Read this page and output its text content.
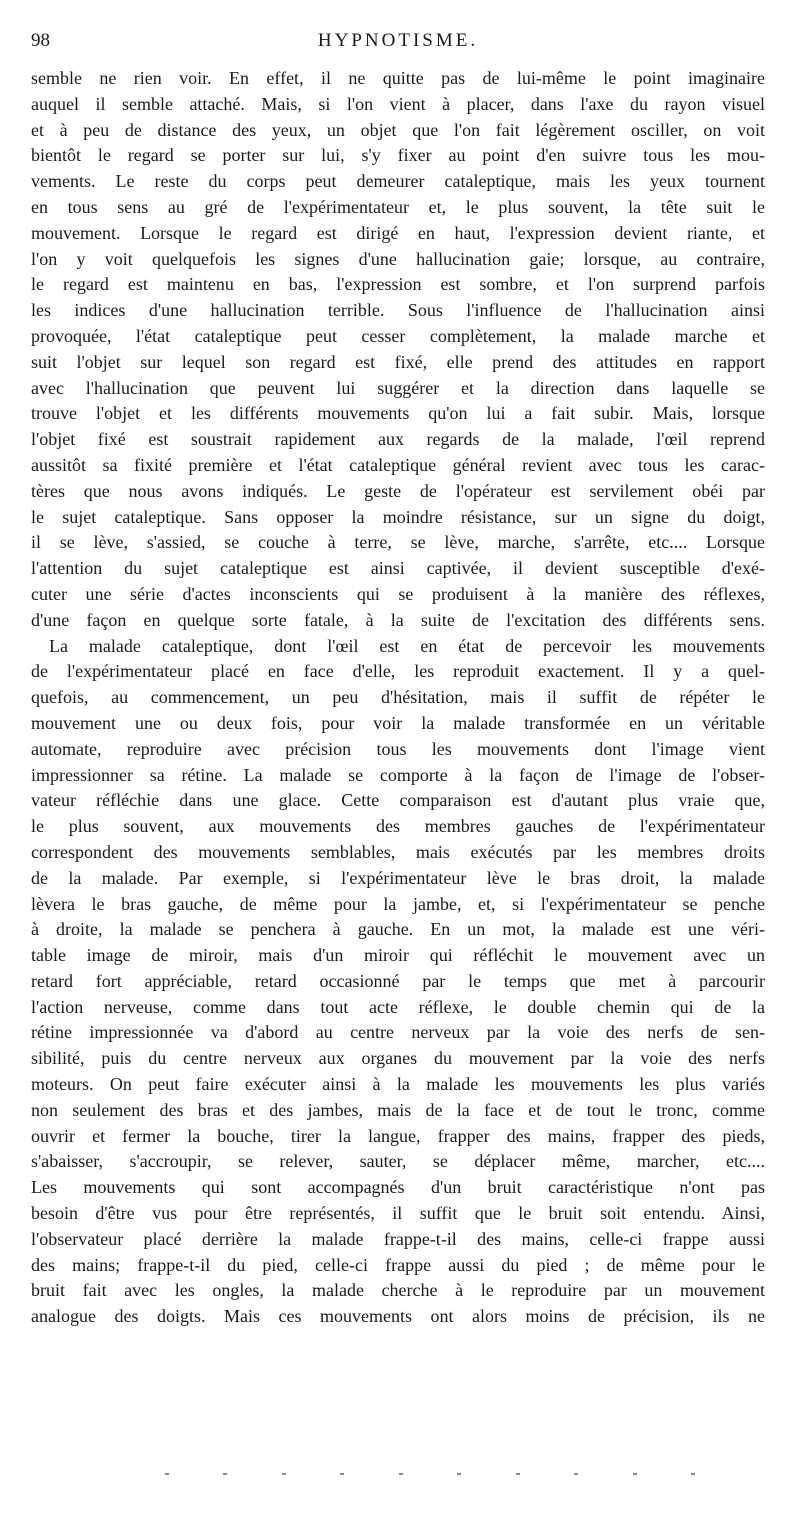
98	HYPNOTISME.
semble ne rien voir. En effet, il ne quitte pas de lui-même le point imaginaire
auquel il semble attaché. Mais, si l'on vient à placer, dans l'axe du rayon visuel
et à peu de distance des yeux, un objet que l'on fait légèrement osciller, on voit
bientôt le regard se porter sur lui, s'y fixer au point d'en suivre tous les mou-
vements. Le reste du corps peut demeurer cataleptique, mais les yeux tournent
en tous sens au gré de l'expérimentateur et, le plus souvent, la tête suit le
mouvement. Lorsque le regard est dirigé en haut, l'expression devient riante, et
l'on y voit quelquefois les signes d'une hallucination gaie; lorsque, au contraire,
le regard est maintenu en bas, l'expression est sombre, et l'on surprend parfois
les indices d'une hallucination terrible. Sous l'influence de l'hallucination ainsi
provoquée, l'état cataleptique peut cesser complètement, la malade marche et
suit l'objet sur lequel son regard est fixé, elle prend des attitudes en rapport
avec l'hallucination que peuvent lui suggérer et la direction dans laquelle se
trouve l'objet et les différents mouvements qu'on lui a fait subir. Mais, lorsque
l'objet fixé est soustrait rapidement aux regards de la malade, l'œil reprend
aussitôt sa fixité première et l'état cataleptique général revient avec tous les carac-
tères que nous avons indiqués. Le geste de l'opérateur est servilement obéi par
le sujet cataleptique. Sans opposer la moindre résistance, sur un signe du doigt,
il se lève, s'assied, se couche à terre, se lève, marche, s'arrête, etc.... Lorsque
l'attention du sujet cataleptique est ainsi captivée, il devient susceptible d'exé-
cuter une série d'actes inconscients qui se produisent à la manière des réflexes,
d'une façon en quelque sorte fatale, à la suite de l'excitation des différents sens.
La malade cataleptique, dont l'œil est en état de percevoir les mouvements
de l'expérimentateur placé en face d'elle, les reproduit exactement. Il y a quel-
quefois, au commencement, un peu d'hésitation, mais il suffit de répéter le
mouvement une ou deux fois, pour voir la malade transformée en un véritable
automate, reproduire avec précision tous les mouvements dont l'image vient
impressionner sa rétine. La malade se comporte à la façon de l'image de l'obser-
vateur réfléchie dans une glace. Cette comparaison est d'autant plus vraie que,
le plus souvent, aux mouvements des membres gauches de l'expérimentateur
correspondent des mouvements semblables, mais exécutés par les membres droits
de la malade. Par exemple, si l'expérimentateur lève le bras droit, la malade
lèvera le bras gauche, de même pour la jambe, et, si l'expérimentateur se penche
à droite, la malade se penchera à gauche. En un mot, la malade est une véri-
table image de miroir, mais d'un miroir qui réfléchit le mouvement avec un
retard fort appréciable, retard occasionné par le temps que met à parcourir
l'action nerveuse, comme dans tout acte réflexe, le double chemin qui de la
rétine impressionnée va d'abord au centre nerveux par la voie des nerfs de sen-
sibilité, puis du centre nerveux aux organes du mouvement par la voie des nerfs
moteurs. On peut faire exécuter ainsi à la malade les mouvements les plus variés
non seulement des bras et des jambes, mais de la face et de tout le tronc, comme
ouvrir et fermer la bouche, tirer la langue, frapper des mains, frapper des pieds,
s'abaisser, s'accroupir, se relever, sauter, se déplacer même, marcher, etc....
Les mouvements qui sont accompagnés d'un bruit caractéristique n'ont pas
besoin d'être vus pour être représentés, il suffit que le bruit soit entendu. Ainsi,
l'observateur placé derrière la malade frappe-t-il des mains, celle-ci frappe aussi
des mains; frappe-t-il du pied, celle-ci frappe aussi du pied ; de même pour le
bruit fait avec les ongles, la malade cherche à le reproduire par un mouvement
analogue des doigts. Mais ces mouvements ont alors moins de précision, ils ne
